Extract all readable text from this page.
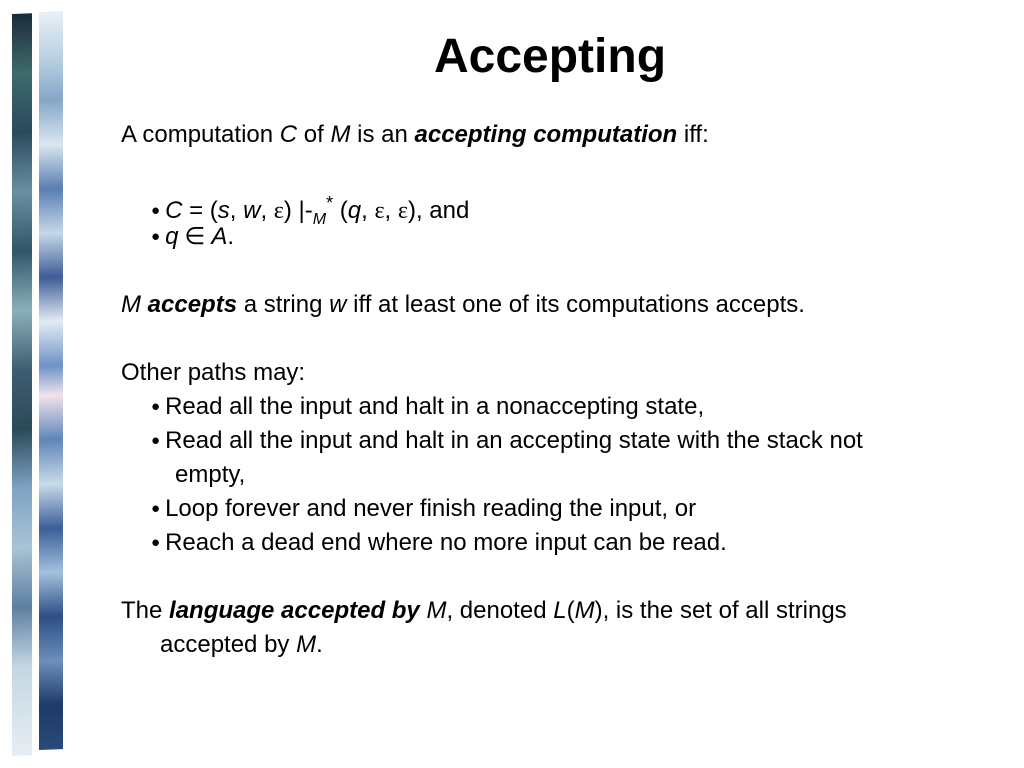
Accepting
A computation C of M is an accepting computation iff:
● C = (s, w, ε) $|-_M^*$ (q, ε, ε), and
● q ∈ A.
M accepts a string w iff at least one of its computations accepts.
Other paths may:
● Read all the input and halt in a nonaccepting state,
● Read all the input and halt in an accepting state with the stack not
empty,
● Loop forever and never finish reading the input, or
● Reach a dead end where no more input can be read.
The language accepted by M, denoted L(M), is the set of all strings
accepted by M.
